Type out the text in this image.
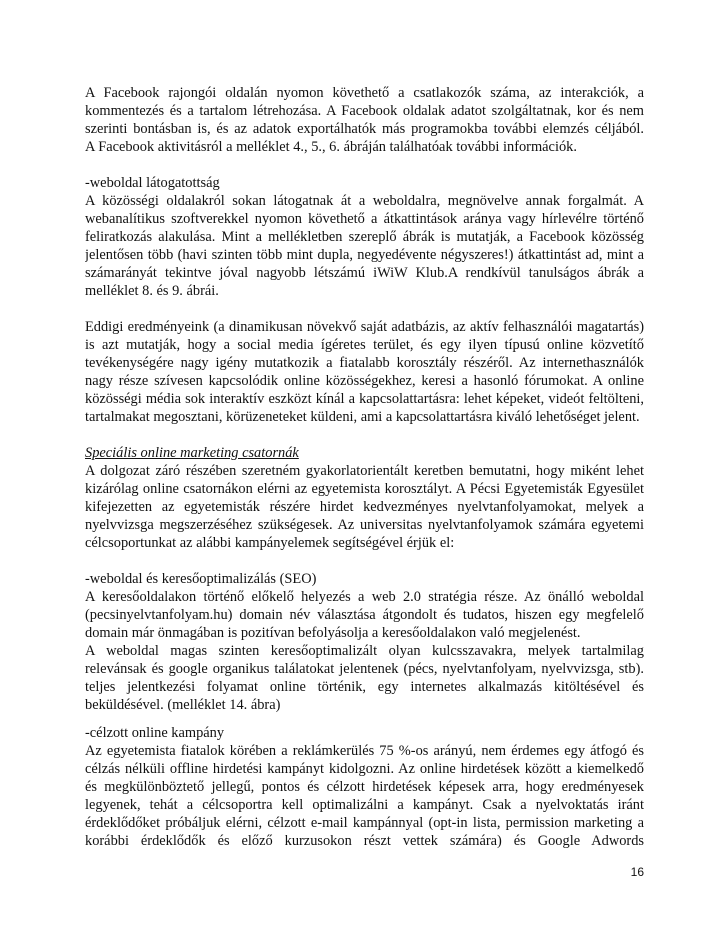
A Facebook rajongói oldalán nyomon követhető a csatlakozók száma, az interakciók, a
kommentezés és a tartalom létrehozása. A Facebook oldalak adatot szolgáltatnak, kor és nem
szerinti bontásban is, és az adatok exportálhatók más programokba további elemzés céljából.
A Facebook aktivitásról a melléklet 4., 5., 6. ábráján találhatóak további információk.
-weboldal látogatottság
A közösségi oldalakról sokan látogatnak át a weboldalra, megnövelve annak forgalmát. A
webanalítikus szoftverekkel nyomon követhető a átkattintások aránya vagy hírlevélre történő
feliratkozás alakulása. Mint a mellékletben szereplő ábrák is mutatják, a Facebook közösség
jelentősen több (havi szinten több mint dupla, negyedévente négyszeres!) átkattintást ad, mint a
számarányát tekintve jóval nagyobb létszámú iWiW Klub.A rendkívül tanulságos ábrák a
melléklet 8. és 9. ábrái.
Eddigi eredményeink (a dinamikusan növekvő saját adatbázis, az aktív felhasználói magatartás)
is azt mutatják, hogy a social media ígéretes terület, és egy ilyen típusú online közvetítő
tevékenységére nagy igény mutatkozik a fiatalabb korosztály részéről. Az internethasználók
nagy része szívesen kapcsolódik online közösségekhez, keresi a hasonló fórumokat. A online
közösségi média sok interaktív eszközt kínál a kapcsolattartásra: lehet képeket, videót feltölteni,
tartalmakat megosztani, körüzeneteket küldeni, ami a kapcsolattartásra kiváló lehetőséget jelent.
Speciális online marketing csatornák
A dolgozat záró részében szeretném gyakorlatorientált keretben bemutatni, hogy miként lehet
kizárólag online csatornákon elérni az egyetemista korosztályt. A Pécsi Egyetemisták Egyesület
kifejezetten az egyetemisták részére hirdet kedvezményes nyelvtanfolyamokat, melyek a
nyelvvizsga megszerzéséhez szükségesek. Az universitas nyelvtanfolyamok számára egyetemi
célcsoportunkat az alábbi kampányelemek segítségével érjük el:
-weboldal és keresőoptimalizálás (SEO)
A keresőoldalakon történő előkelő helyezés a web 2.0 stratégia része. Az önálló weboldal
(pecsinyelvtanfolyam.hu) domain név választása átgondolt és tudatos, hiszen egy megfelelő
domain már önmagában is pozitívan befolyásolja a keresőoldalakon való megjelenést.
A weboldal magas szinten keresőoptimalizált olyan kulcsszavakra, melyek tartalmilag
relevánsak és google organikus találatokat jelentenek (pécs, nyelvtanfolyam, nyelvvizsga, stb).
teljes jelentkezési folyamat online történik, egy internetes alkalmazás kitöltésével és
beküldésével. (melléklet 14. ábra)
-célzott online kampány
Az egyetemista fiatalok körében a reklámkerülés 75 %-os arányú, nem érdemes egy átfogó és
célzás nélküli offline hirdetési kampányt kidolgozni. Az online hirdetések között a kiemelkedő
és megkülönböztető jellegű, pontos és célzott hirdetések képesek arra, hogy eredményesek
legyenek, tehát a célcsoportra kell optimalizálni a kampányt. Csak a nyelvoktatás iránt
érdeklődőket próbáljuk elérni, célzott e-mail kampánnyal (opt-in lista, permission marketing a
korábbi érdeklődők és előző kurzusokon részt vettek számára) és Google Adwords
16
